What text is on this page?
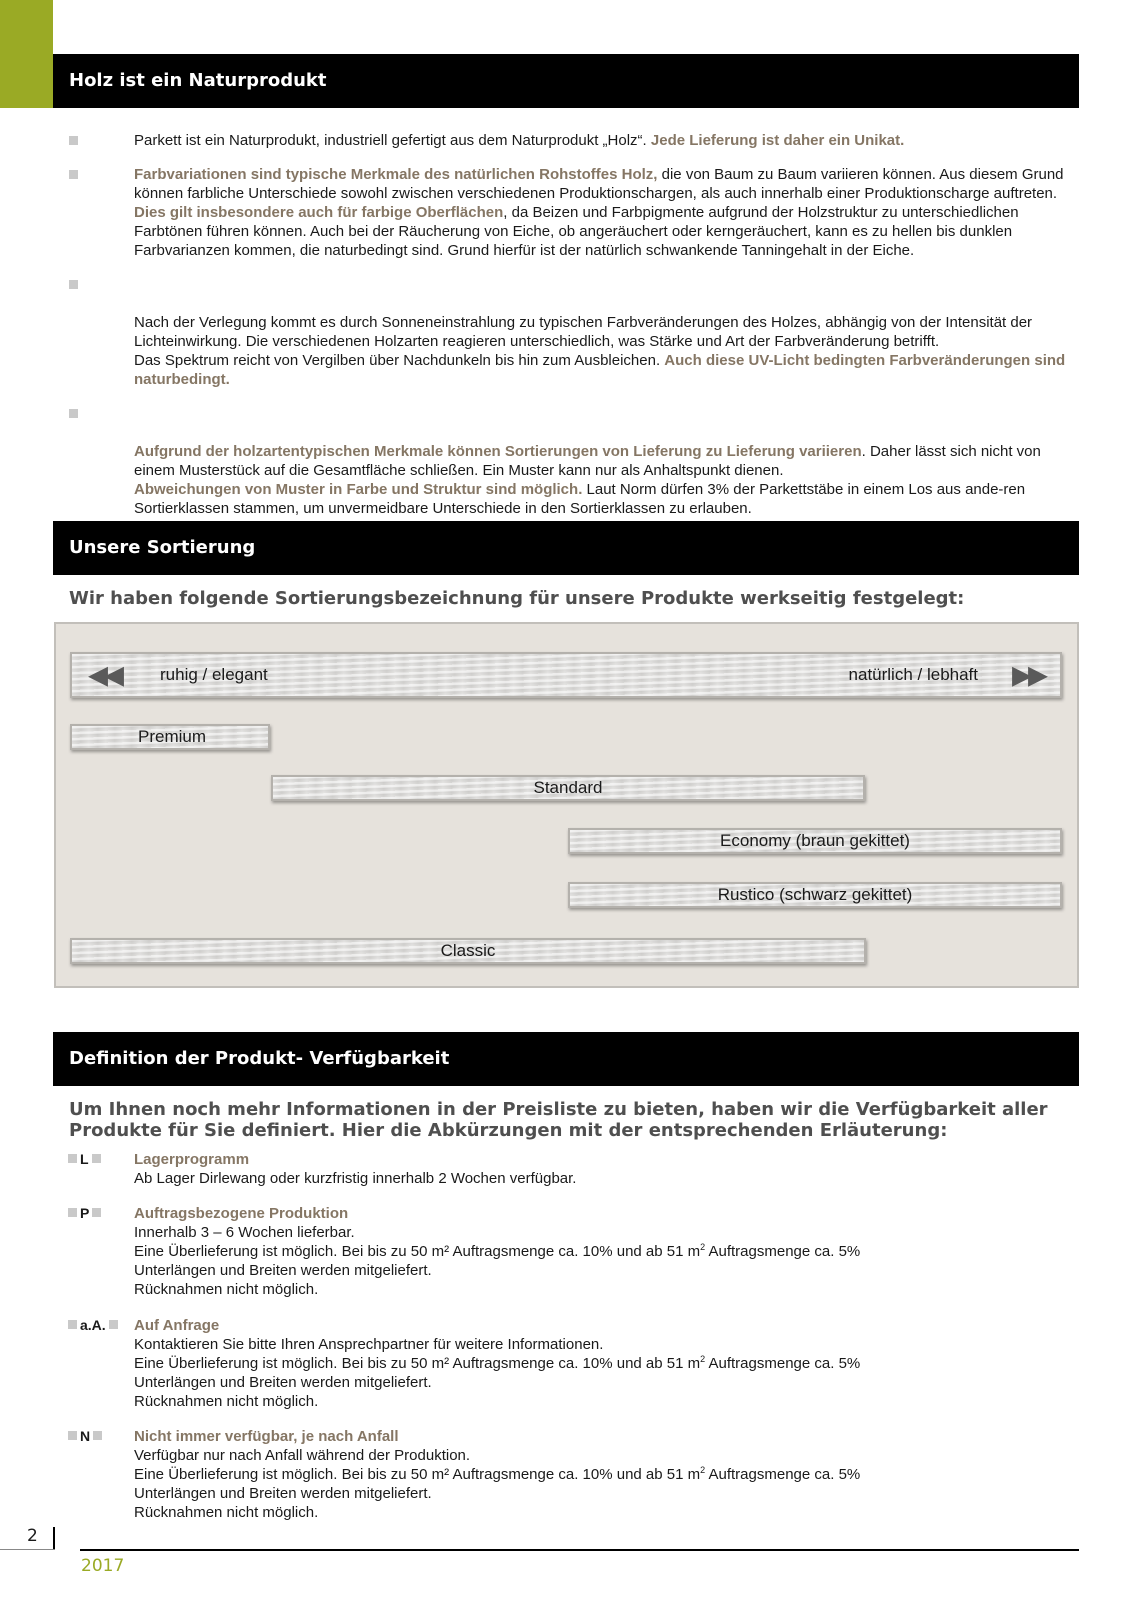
Holz ist ein Naturprodukt
Parkett ist ein Naturprodukt, industriell gefertigt aus dem Naturprodukt „Holz“. Jede Lieferung ist daher ein Unikat.
Farbvariationen sind typische Merkmale des natürlichen Rohstoffes Holz, die von Baum zu Baum variieren können. Aus diesem Grund können farbliche Unterschiede sowohl zwischen verschiedenen Produktionschargen, als auch innerhalb einer Produktionscharge auftreten. Dies gilt insbesondere auch für farbige Oberflächen, da Beizen und Farbpigmente aufgrund der Holzstruktur zu unterschiedlichen Farbtönen führen können. Auch bei der Räucherung von Eiche, ob angeräuchert oder kerngeräuchert, kann es zu hellen bis dunklen Farbvarianzen kommen, die naturbedingt sind. Grund hierfür ist der natürlich schwankende Tanningehalt in der Eiche.

Nach der Verlegung kommt es durch Sonneneinstrahlung zu typischen Farbveränderungen des Holzes, abhängig von der Intensität der Lichteinwirkung. Die verschiedenen Holzarten reagieren unterschiedlich, was Stärke und Art der Farbveränderung betrifft.
Das Spektrum reicht von Vergilben über Nachdunkeln bis hin zum Ausbleichen. Auch diese UV-Licht bedingten Farbveränderungen sind naturbedingt.

Aufgrund der holzartentypischen Merkmale können Sortierungen von Lieferung zu Lieferung variieren. Daher lässt sich nicht von einem Musterstück auf die Gesamtfläche schließen. Ein Muster kann nur als Anhaltspunkt dienen.
Abweichungen von Muster in Farbe und Struktur sind möglich. Laut Norm dürfen 3% der Parkettstäbe in einem Los aus ande-ren Sortierklassen stammen, um unvermeidbare Unterschiede in den Sortierklassen zu erlauben.

Unsere Sortierung
Wir haben folgende Sortierungsbezeichnung für unsere Produkte werkseitig festgelegt:
◀◀ ruhig / elegant	natürlich / lebhaft ▶▶
Premium
Standard
Economy (braun gekittet)
Rustico (schwarz gekittet)
Classic
Definition der Produkt- Verfügbarkeit
Um Ihnen noch mehr Informationen in der Preisliste zu bieten, haben wir die Verfügbarkeit aller Produkte für Sie definiert. Hier die Abkürzungen mit der entsprechenden Erläuterung:
L	Lagerprogramm
Ab Lager Dirlewang oder kurzfristig innerhalb 2 Wochen verfügbar.
P	Auftragsbezogene Produktion
Innerhalb 3 – 6 Wochen lieferbar.
Eine Überlieferung ist möglich. Bei bis zu 50 m² Auftragsmenge ca. 10% und ab 51 $m^2$ Auftragsmenge ca. 5%
Unterlängen und Breiten werden mitgeliefert.
Rücknahmen nicht möglich.
a.A.	Auf Anfrage
Kontaktieren Sie bitte Ihren Ansprechpartner für weitere Informationen.
Eine Überlieferung ist möglich. Bei bis zu 50 m² Auftragsmenge ca. 10% und ab 51 $m^2$ Auftragsmenge ca. 5%
Unterlängen und Breiten werden mitgeliefert.
Rücknahmen nicht möglich.
N	Nicht immer verfügbar, je nach Anfall
Verfügbar nur nach Anfall während der Produktion.
Eine Überlieferung ist möglich. Bei bis zu 50 m² Auftragsmenge ca. 10% und ab 51 $m^2$ Auftragsmenge ca. 5%
Unterlängen und Breiten werden mitgeliefert.
Rücknahmen nicht möglich.
2
2017
